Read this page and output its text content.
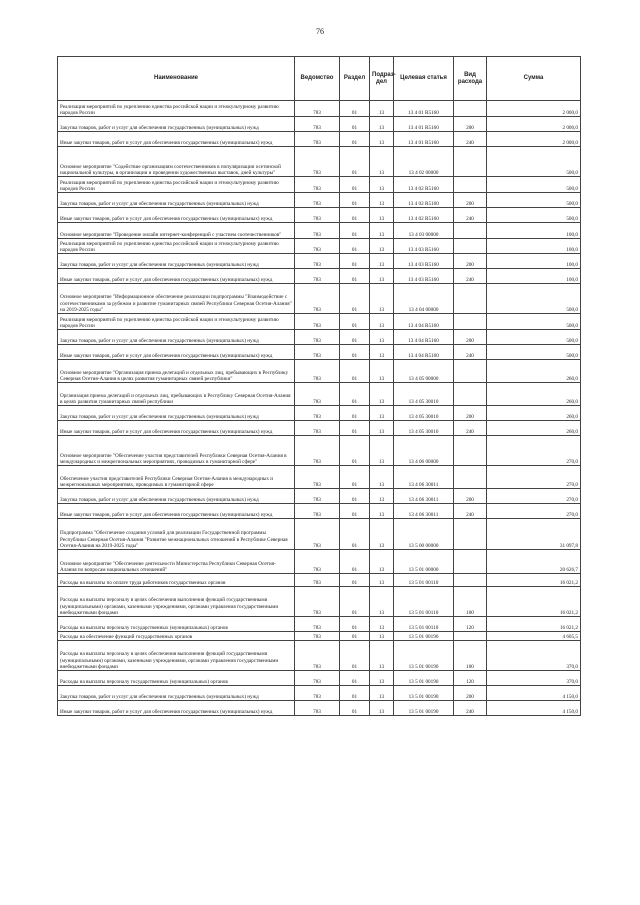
76
Наименование	Ведомство	Раздел	Подраз-дел	Целевая статья	Вид расхода	Сумма
Реализация мероприятий по укреплению единства российской нации и этнокультурному развитию народов России	783	01	13	13 4 01 R5160		2 000,0
Закупка товаров, работ и услуг для обеспечения государственных (муниципальных) нужд	783	01	13	13 4 01 R5160	200	2 000,0
Иные закупки товаров, работ и услуг для обеспечения государственных (муниципальных) нужд	783	01	13	13 4 01 R5160	240	2 000,0
Основное мероприятие "Содействие организациям соотечественников в популяризации осетинской национальной культуры, в организации и проведении художественных выставок, дней культуры"	783	01	13	13 4 02 00000		500,0
Реализация мероприятий по укреплению единства российской нации и этнокультурному развитию народов России	783	01	13	13 4 02 R5160		500,0
Закупка товаров, работ и услуг для обеспечения государственных (муниципальных) нужд	783	01	13	13 4 02 R5160	200	500,0
Иные закупки товаров, работ и услуг для обеспечения государственных (муниципальных) нужд	783	01	13	13 4 02 R5160	240	500,0
Основное мероприятие "Проведение онлайн интернет-конференций с участием соотечественников"	783	01	13	13 4 03 00000		100,0
Реализация мероприятий по укреплению единства российской нации и этнокультурному развитию народов России	783	01	13	13 4 03 R5160		100,0
Закупка товаров, работ и услуг для обеспечения государственных (муниципальных) нужд	783	01	13	13 4 03 R5160	200	100,0
Иные закупки товаров, работ и услуг для обеспечения государственных (муниципальных) нужд	783	01	13	13 4 03 R5160	240	100,0
Основное мероприятие "Информационное обеспечение реализации подпрограммы "Взаимодействие с соотечественниками за рубежом и развитие гуманитарных связей Республики Северная Осетия-Алания" на 2019-2025 годы"	783	01	13	13 4 04 00000		500,0
Реализация мероприятий по укреплению единства российской нации и этнокультурному развитию народов России	783	01	13	13 4 04 R5160		500,0
Закупка товаров, работ и услуг для обеспечения государственных (муниципальных) нужд	783	01	13	13 4 04 R5160	200	500,0
Иные закупки товаров, работ и услуг для обеспечения государственных (муниципальных) нужд	783	01	13	13 4 04 R5160	240	500,0
Основное мероприятие "Организация приема делегаций и отдельных лиц, пребывающих в Республику Северная Осетия-Алания в целях развития гуманитарных связей республики"	783	01	13	13 4 05 00000		260,0
Организация приема делегаций и отдельных лиц, пребывающих в Республику Северная Осетия-Алания в целях развития гуманитарных связей республики	783	01	13	13 4 05 30010		260,0
Закупка товаров, работ и услуг для обеспечения государственных (муниципальных) нужд	783	01	13	13 4 05 30010	200	260,0
Иные закупки товаров, работ и услуг для обеспечения государственных (муниципальных) нужд	783	01	13	13 4 05 30010	240	260,0
Основное мероприятие "Обеспечение участия представителей Республики Северная Осетия-Алания в международных и межрегиональных мероприятиях, проводимых в гуманитарной сфере"	783	01	13	13 4 06 00000		270,0
Обеспечение участия представителей Республики Северная Осетия-Алания в международных и межрегиональных мероприятиях, проводимых в гуманитарной сфере	783	01	13	13 4 06 30011		270,0
Закупка товаров, работ и услуг для обеспечения государственных (муниципальных) нужд	783	01	13	13 4 06 30011	200	270,0
Иные закупки товаров, работ и услуг для обеспечения государственных (муниципальных) нужд	783	01	13	13 4 06 30011	240	270,0
Подпрограмма "Обеспечение создания условий для реализации Государственной программы Республики Северная Осетия-Алания "Развитие межнациональных отношений в Республике Северная Осетия-Алания на 2019-2025 годы"	783	01	13	13 5 00 00000		31 097,8
Основное мероприятие "Обеспечение деятельности Министерства Республики Северная Осетия-Алания по вопросам национальных отношений"	783	01	13	13 5 01 00000		20 626,7
Расходы на выплаты по оплате труда работников государственных органов	783	01	13	13 5 01 00110		16 021,2
Расходы на выплаты персоналу в целях обеспечения выполнения функций государственными (муниципальными) органами, казенными учреждениями, органами управления государственными внебюджетными фондами	783	01	13	13 5 01 00110	100	16 021,2
Расходы на выплаты персоналу государственных (муниципальных) органов	783	01	13	13 5 01 00110	120	16 021,2
Расходы на обеспечение функций государственных органов	783	01	13	13 5 01 00190		4 605,5
Расходы на выплаты персоналу в целях обеспечения выполнения функций государственными (муниципальными) органами, казенными учреждениями, органами управления государственными внебюджетными фондами	783	01	13	13 5 01 00190	100	370,0
Расходы на выплаты персоналу государственных (муниципальных) органов	783	01	13	13 5 01 00190	120	370,0
Закупка товаров, работ и услуг для обеспечения государственных (муниципальных) нужд	783	01	13	13 5 01 00190	200	4 150,0
Иные закупки товаров, работ и услуг для обеспечения государственных (муниципальных) нужд	783	01	13	13 5 01 00190	240	4 150,0
